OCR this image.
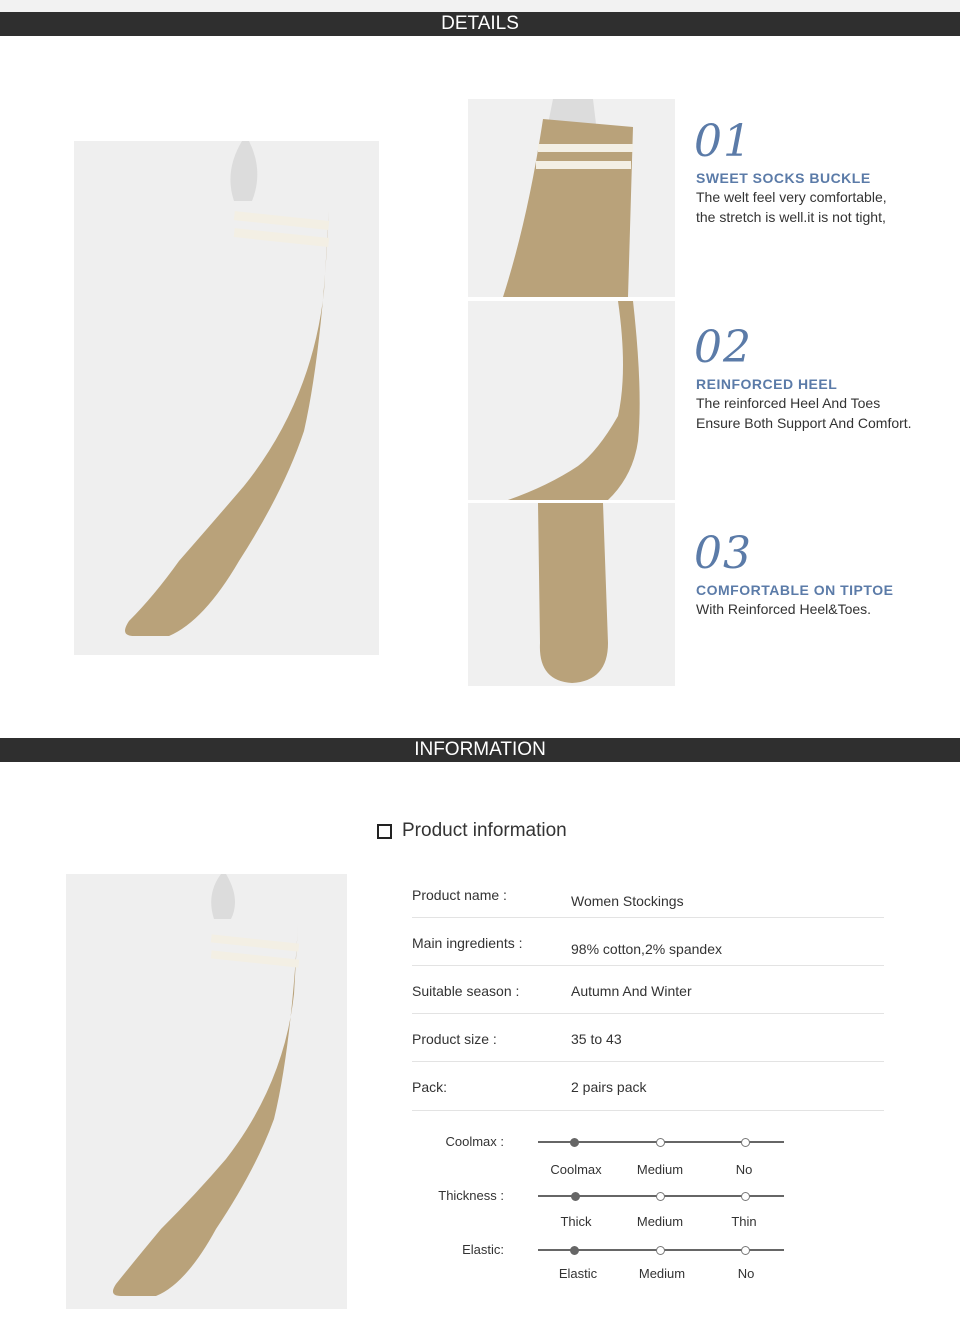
DETAILS
01
SWEET SOCKS BUCKLE
The welt feel very comfortable,
the stretch is well.it is not tight,
02
REINFORCED HEEL
The reinforced Heel And Toes
Ensure Both Support And Comfort.
03
COMFORTABLE ON TIPTOE
With Reinforced Heel&Toes.
INFORMATION
Product information
Product name :	Women Stockings
Main ingredients :	98% cotton,2% spandex
Suitable season :	Autumn And Winter
Product size :	35 to 43
Pack:	2 pairs pack
Coolmax :
Coolmax	Medium	No
Thickness :
Thick	Medium	Thin
Elastic:
Elastic	Medium	No
